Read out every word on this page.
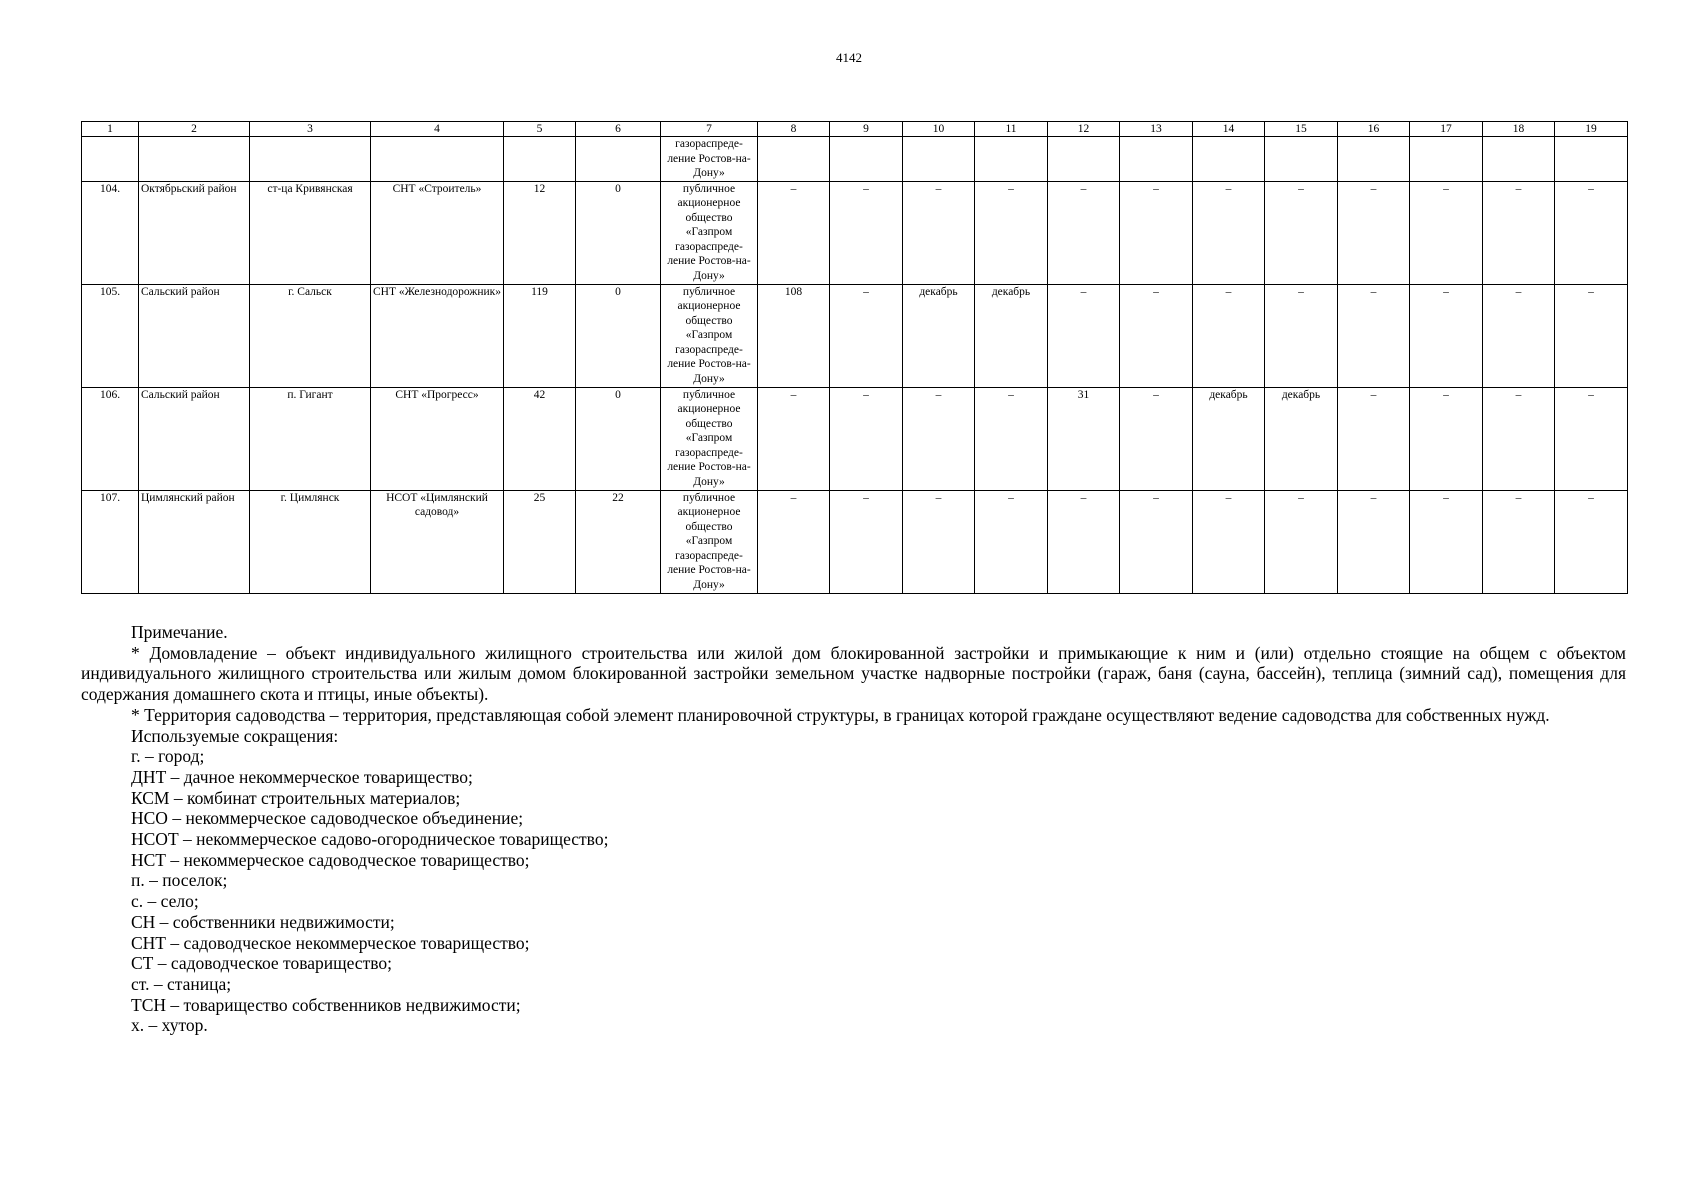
4142
1	2	3	4	5	6	7	8	9	10	11	12	13	14	15	16	17	18	19
						газораспреде-ление Ростов-на-Дону»												
104.	Октябрьский район	ст-ца Кривянская	СНТ «Строитель»	12	0	публичное акционерное общество «Газпром газораспреде-ление Ростов-на-Дону»	–	–	–	–	–	–	–	–	–	–	–	–
105.	Сальский район	г. Сальск	СНТ «Железнодорожник»	119	0	публичное акционерное общество «Газпром газораспреде-ление Ростов-на-Дону»	108	–	декабрь	декабрь	–	–	–	–	–	–	–	–
106.	Сальский район	п. Гигант	СНТ «Прогресс»	42	0	публичное акционерное общество «Газпром газораспреде-ление Ростов-на-Дону»	–	–	–	–	31	–	декабрь	декабрь	–	–	–	–
107.	Цимлянский район	г. Цимлянск	НСОТ «Цимлянский садовод»	25	22	публичное акционерное общество «Газпром газораспреде-ление Ростов-на-Дону»	–	–	–	–	–	–	–	–	–	–	–	–

Примечание.

* Домовладение – объект индивидуального жилищного строительства или жилой дом блокированной застройки и примыкающие к ним и (или) отдельно стоящие на общем с объектом индивидуального жилищного строительства или жилым домом блокированной застройки земельном участке надворные постройки (гараж, баня (сауна, бассейн), теплица (зимний сад), помещения для содержания домашнего скота и птицы, иные объекты).

* Территория садоводства – территория, представляющая собой элемент планировочной структуры, в границах которой граждане осуществляют ведение садоводства для собственных нужд.

Используемые сокращения:

г. – город;

ДНТ – дачное некоммерческое товарищество;

КСМ – комбинат строительных материалов;

НСО – некоммерческое садоводческое объединение;

НСОТ – некоммерческое садово-огородническое товарищество;

НСТ – некоммерческое садоводческое товарищество;

п. – поселок;

с. – село;

СН – собственники недвижимости;

СНТ – садоводческое некоммерческое товарищество;

СТ – садоводческое товарищество;

ст. – станица;

ТСН – товарищество собственников недвижимости;

х. – хутор.
